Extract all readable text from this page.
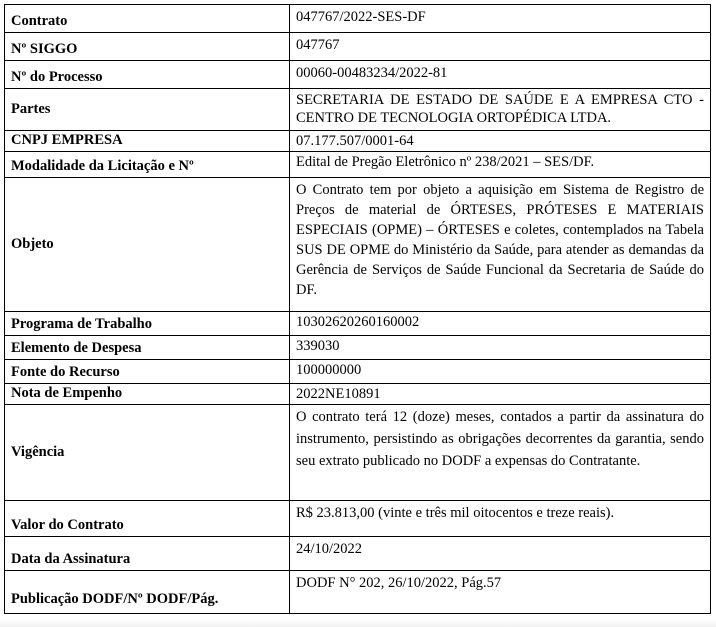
Contrato	047767/2022-SES-DF
Nº SIGGO	047767
Nº do Processo	00060-00483234/2022-81
Partes	SECRETARIA DE ESTADO DE SAÚDE E A EMPRESA CTO - CENTRO DE TECNOLOGIA ORTOPÉDICA LTDA.
CNPJ EMPRESA	07.177.507/0001-64
Modalidade da Licitação e Nº	Edital de Pregão Eletrônico nº 238/2021 – SES/DF.
Objeto	O Contrato tem por objeto a aquisição em Sistema de Registro de Preços de material de ÓRTESES, PRÓTESES E MATERIAIS ESPECIAIS (OPME) – ÓRTESES e coletes, contemplados na Tabela SUS DE OPME do Ministério da Saúde, para atender as demandas da Gerência de Serviços de Saúde Funcional da Secretaria de Saúde do DF.
Programa de Trabalho	10302620260160002
Elemento de Despesa	339030
Fonte do Recurso	100000000
Nota de Empenho	2022NE10891
Vigência	O contrato terá 12 (doze) meses, contados a partir da assinatura do instrumento, persistindo as obrigações decorrentes da garantia, sendo seu extrato publicado no DODF a expensas do Contratante.
Valor do Contrato	R$ 23.813,00 (vinte e três mil oitocentos e treze reais).
Data da Assinatura	24/10/2022
Publicação DODF/Nº DODF/Pág.	DODF N° 202, 26/10/2022, Pág.57
